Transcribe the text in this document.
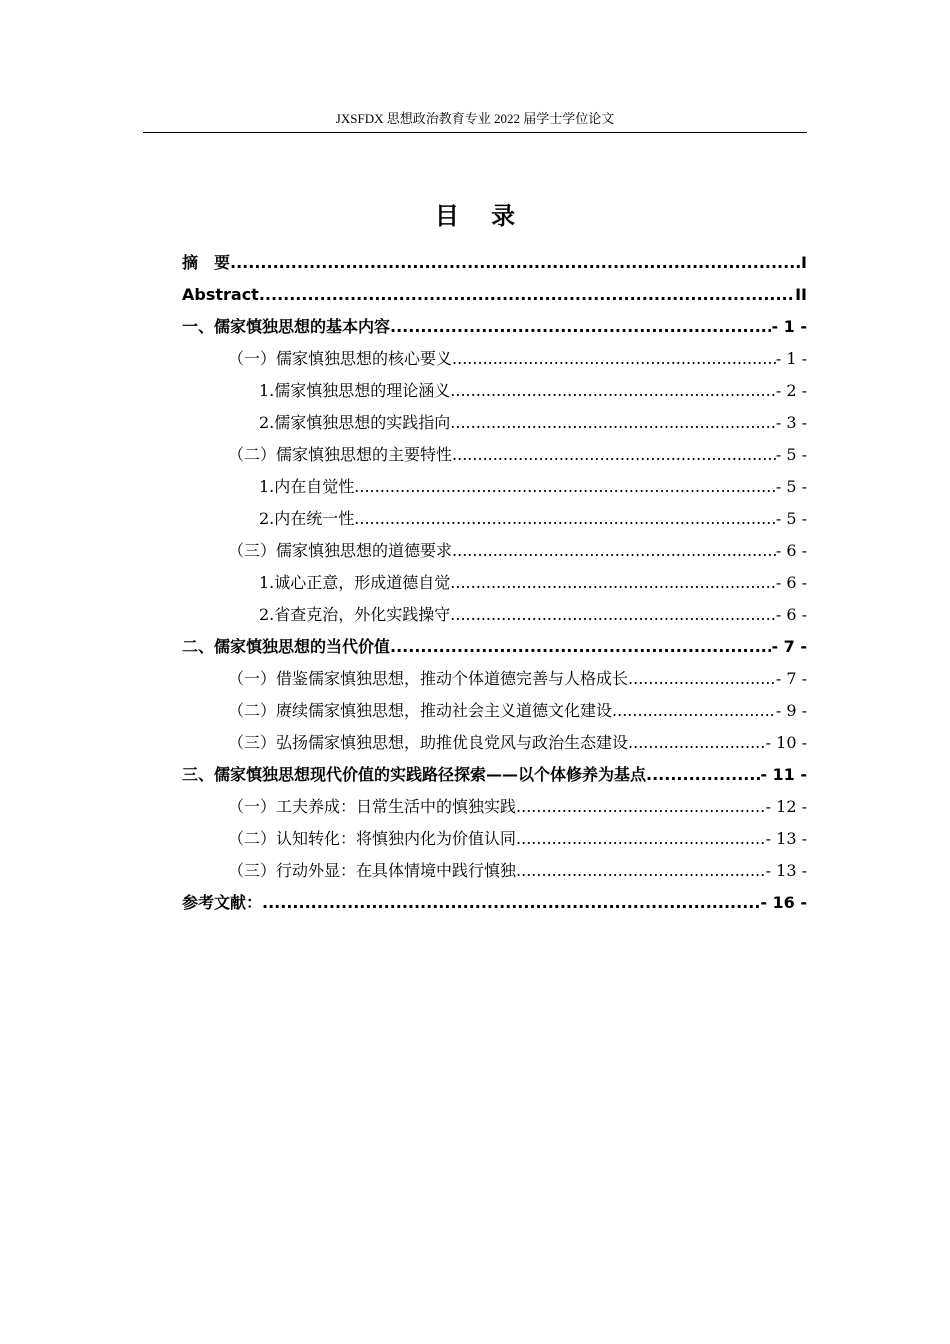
JXSFDX 思想政治教育专业 2022 届学士学位论文
目 录
摘　要 .....	I
Abstract .....	II
一、儒家慎独思想的基本内容 .....	- 1 -
（一）儒家慎独思想的核心要义 .....	- 1 -
1.儒家慎独思想的理论涵义 .....	- 2 -
2.儒家慎独思想的实践指向 .....	- 3 -
（二）儒家慎独思想的主要特性 .....	- 5 -
1.内在自觉性 .....	- 5 -
2.内在统一性 .....	- 5 -
（三）儒家慎独思想的道德要求 .....	- 6 -
1.诚心正意，形成道德自觉 .....	- 6 -
2.省查克治，外化实践操守 .....	- 6 -
二、儒家慎独思想的当代价值 .....	- 7 -
（一）借鉴儒家慎独思想，推动个体道德完善与人格成长 .....	- 7 -
（二）赓续儒家慎独思想，推动社会主义道德文化建设 .....	- 9 -
（三）弘扬儒家慎独思想，助推优良党风与政治生态建设 .....	- 10 -
三、儒家慎独思想现代价值的实践路径探索——以个体修养为基点 .....	- 11 -
（一）工夫养成：日常生活中的慎独实践 .....	- 12 -
（二）认知转化：将慎独内化为价值认同 .....	- 13 -
（三）行动外显：在具体情境中践行慎独 .....	- 13 -
参考文献： .....	- 16 -
